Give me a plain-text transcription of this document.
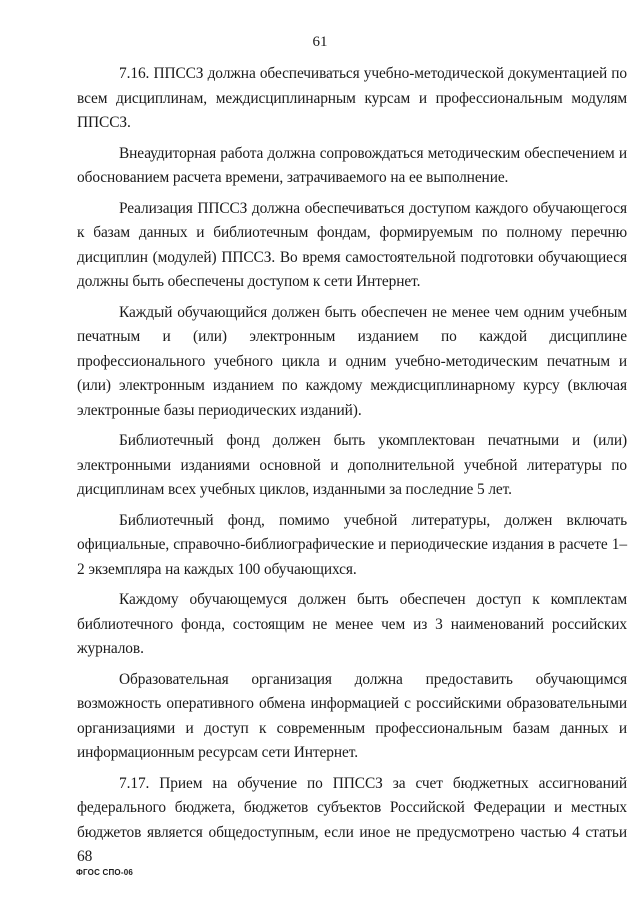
61

7.16. ППССЗ должна обеспечиваться учебно-методической документацией по всем дисциплинам, междисциплинарным курсам и профессиональным модулям ППССЗ.

Внеаудиторная работа должна сопровождаться методическим обеспечением и обоснованием расчета времени, затрачиваемого на ее выполнение.

Реализация ППССЗ должна обеспечиваться доступом каждого обучающегося к базам данных и библиотечным фондам, формируемым по полному перечню дисциплин (модулей) ППССЗ. Во время самостоятельной подготовки обучающиеся должны быть обеспечены доступом к сети Интернет.

Каждый обучающийся должен быть обеспечен не менее чем одним учебным печатным и (или) электронным изданием по каждой дисциплине профессионального учебного цикла и одним учебно-методическим печатным и (или) электронным изданием по каждому междисциплинарному курсу (включая электронные базы периодических изданий).

Библиотечный фонд должен быть укомплектован печатными и (или) электронными изданиями основной и дополнительной учебной литературы по дисциплинам всех учебных циклов, изданными за последние 5 лет.

Библиотечный фонд, помимо учебной литературы, должен включать официальные, справочно-библиографические и периодические издания в расчете 1–2 экземпляра на каждых 100 обучающихся.

Каждому обучающемуся должен быть обеспечен доступ к комплектам библиотечного фонда, состоящим не менее чем из 3 наименований российских журналов.

Образовательная организация должна предоставить обучающимся возможность оперативного обмена информацией с российскими образовательными организациями и доступ к современным профессиональным базам данных и информационным ресурсам сети Интернет.

7.17. Прием на обучение по ППССЗ за счет бюджетных ассигнований федерального бюджета, бюджетов субъектов Российской Федерации и местных бюджетов является общедоступным, если иное не предусмотрено частью 4 статьи 68

ФГОС СПО-06
